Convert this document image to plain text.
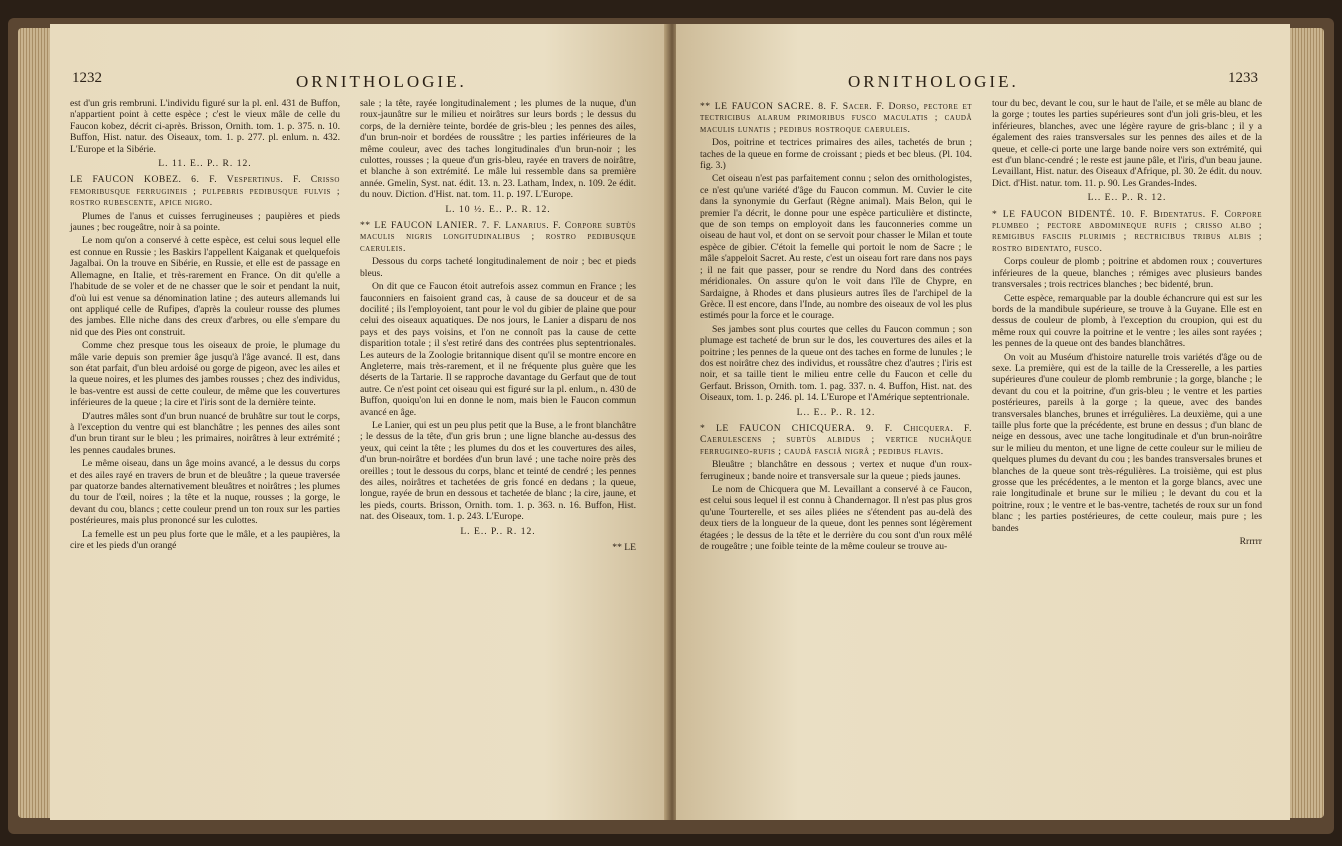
1232	ORNITHOLOGIE.

est d'un gris rembruni. L'individu figuré sur la pl. enl. 431 de Buffon, n'appartient point à cette espèce ; c'est le vieux mâle de celle du Faucon kobez, décrit ci-après. Brisson, Ornith. tom. 1. p. 375. n. 10. Buffon, Hist. natur. des Oiseaux, tom. 1. p. 277. pl. enlum. n. 432. L'Europe et la Sibérie.

L. 11. E.. P.. R. 12.

LE FAUCON KOBEZ. 6. F. Vespertinus. F. Crisso femoribusque ferrugineis ; pulpebris pedibusque fulvis ; rostro rubescente, apice nigro.

Plumes de l'anus et cuisses ferrugineuses ; paupières et pieds jaunes ; bec rougeâtre, noir à sa pointe.

Le nom qu'on a conservé à cette espèce, est celui sous lequel elle est connue en Russie ; les Baskirs l'appellent Kaiganak et quelquefois Jagalbai. On la trouve en Sibérie, en Russie, et elle est de passage en Allemagne, en Italie, et très-rarement en France. On dit qu'elle a l'habitude de se voler et de ne chasser que le soir et pendant la nuit, d'où lui est venue sa dénomination latine ; des auteurs allemands lui ont appliqué celle de Rufipes, d'après la couleur rousse des plumes des jambes. Elle niche dans des creux d'arbres, ou elle s'empare du nid que des Pies ont construit.

Comme chez presque tous les oiseaux de proie, le plumage du mâle varie depuis son premier âge jusqu'à l'âge avancé. Il est, dans son état parfait, d'un bleu ardoisé ou gorge de pigeon, avec les ailes et la queue noires, et les plumes des jambes rousses ; chez des individus, le bas-ventre est aussi de cette couleur, de même que les couvertures inférieures de la queue ; la cire et l'iris sont de la dernière teinte.

D'autres mâles sont d'un brun nuancé de bruhâtre sur tout le corps, à l'exception du ventre qui est blanchâtre ; les pennes des ailes sont d'un brun tirant sur le bleu ; les primaires, noirâtres à leur extrémité ; les pennes caudales brunes.

Le même oiseau, dans un âge moins avancé, a le dessus du corps et des ailes rayé en travers de brun et de bleuâtre ; la queue traversée par quatorze bandes alternativement bleuâtres et noirâtres ; les plumes du tour de l'œil, noires ; la tête et la nuque, rousses ; la gorge, le devant du cou, blancs ; cette couleur prend un ton roux sur les parties postérieures, mais plus prononcé sur les culottes.

La femelle est un peu plus forte que le mâle, et a les paupières, la cire et les pieds d'un orangé

sale ; la tête, rayée longitudinalement ; les plumes de la nuque, d'un roux-jaunâtre sur le milieu et noirâtres sur leurs bords ; le dessus du corps, de la dernière teinte, bordée de gris-bleu ; les pennes des ailes, d'un brun-noir et bordées de roussâtre ; les parties inférieures de la même couleur, avec des taches longitudinales d'un brun-noir ; les culottes, rousses ; la queue d'un gris-bleu, rayée en travers de noirâtre, et blanche à son extrémité. Le mâle lui ressemble dans sa première année. Gmelin, Syst. nat. édit. 13. n. 23. Latham, Index, n. 109. 2e édit. du nouv. Diction. d'Hist. nat. tom. 11. p. 197. L'Europe.

L. 10 ½. E.. P.. R. 12.

** LE FAUCON LANIER. 7. F. Lanarius. F. Corpore subtùs maculis nigris longitudinalibus ; rostro pedibusque caeruleis.

Dessous du corps tacheté longitudinalement de noir ; bec et pieds bleus.

On dit que ce Faucon étoit autrefois assez commun en France ; les fauconniers en faisoient grand cas, à cause de sa douceur et de sa docilité ; ils l'employoient, tant pour le vol du gibier de plaine que pour celui des oiseaux aquatiques. De nos jours, le Lanier a disparu de nos pays et des pays voisins, et l'on ne connoît pas la cause de cette disparition totale ; il s'est retiré dans des contrées plus septentrionales. Les auteurs de la Zoologie britannique disent qu'il se montre encore en Angleterre, mais très-rarement, et il ne fréquente plus guère que les déserts de la Tartarie. Il se rapproche davantage du Gerfaut que de tout autre. Ce n'est point cet oiseau qui est figuré sur la pl. enlum., n. 430 de Buffon, quoiqu'on lui en donne le nom, mais bien le Faucon commun avancé en âge.

Le Lanier, qui est un peu plus petit que la Buse, a le front blanchâtre ; le dessus de la tête, d'un gris brun ; une ligne blanche au-dessus des yeux, qui ceint la tête ; les plumes du dos et les couvertures des ailes, d'un brun-noirâtre et bordées d'un brun lavé ; une tache noire près des oreilles ; tout le dessous du corps, blanc et teinté de cendré ; les pennes des ailes, noirâtres et tachetées de gris foncé en dedans ; la queue, longue, rayée de brun en dessous et tachetée de blanc ; la cire, jaune, et les pieds, courts. Brisson, Ornith. tom. 1. p. 363. n. 16. Buffon, Hist. nat. des Oiseaux, tom. 1. p. 243. L'Europe.

L. E.. P.. R. 12.

** LE

ORNITHOLOGIE.	1233

** LE FAUCON SACRE. 8. F. Sacer. F. Dorso, pectore et tectricibus alarum primoribus fusco maculatis ; caudâ maculis lunatis ; pedibus rostroque caeruleis.

Dos, poitrine et tectrices primaires des ailes, tachetés de brun ; taches de la queue en forme de croissant ; pieds et bec bleus. (Pl. 104. fig. 3.)

Cet oiseau n'est pas parfaitement connu ; selon des ornithologistes, ce n'est qu'une variété d'âge du Faucon commun. M. Cuvier le cite dans la synonymie du Gerfaut (Règne animal). Mais Belon, qui le premier l'a décrit, le donne pour une espèce particulière et distincte, que de son temps on employoit dans les fauconneries comme un oiseau de haut vol, et dont on se servoit pour chasser le Milan et toute espèce de gibier. C'étoit la femelle qui portoit le nom de Sacre ; le mâle s'appeloit Sacret. Au reste, c'est un oiseau fort rare dans nos pays ; il ne fait que passer, pour se rendre du Nord dans des contrées méridionales. On assure qu'on le voit dans l'île de Chypre, en Sardaigne, à Rhodes et dans plusieurs autres îles de l'archipel de la Grèce. Il est encore, dans l'Inde, au nombre des oiseaux de vol les plus estimés pour la force et le courage.

Ses jambes sont plus courtes que celles du Faucon commun ; son plumage est tacheté de brun sur le dos, les couvertures des ailes et la poitrine ; les pennes de la queue ont des taches en forme de lunules ; le dos est noirâtre chez des individus, et roussâtre chez d'autres ; l'iris est noir, et sa taille tient le milieu entre celle du Faucon et celle du Gerfaut. Brisson, Ornith. tom. 1. pag. 337. n. 4. Buffon, Hist. nat. des Oiseaux, tom. 1. p. 246. pl. 14. L'Europe et l'Amérique septentrionale.

L.. E.. P.. R. 12.

* LE FAUCON CHICQUERA. 9. F. Chicquera. F. Caerulescens ; subtùs albidus ; vertice nuchâque ferrugineo-rufis ; caudâ fasciâ nigrâ ; pedibus flavis.

Bleuâtre ; blanchâtre en dessous ; vertex et nuque d'un roux-ferrugineux ; bande noire et transversale sur la queue ; pieds jaunes.

Le nom de Chicquera que M. Levaillant a conservé à ce Faucon, est celui sous lequel il est connu à Chandernagor. Il n'est pas plus gros qu'une Tourterelle, et ses ailes pliées ne s'étendent pas au-delà des deux tiers de la longueur de la queue, dont les pennes sont légèrement étagées ; le dessus de la tête et le derrière du cou sont d'un roux mêlé de rougeâtre ; une foible teinte de la même couleur se trouve au-

tour du bec, devant le cou, sur le haut de l'aile, et se mêle au blanc de la gorge ; toutes les parties supérieures sont d'un joli gris-bleu, et les inférieures, blanches, avec une légère rayure de gris-blanc ; il y a également des raies transversales sur les pennes des ailes et de la queue, et celle-ci porte une large bande noire vers son extrémité, qui est d'un blanc-cendré ; le reste est jaune pâle, et l'iris, d'un beau jaune. Levaillant, Hist. natur. des Oiseaux d'Afrique, pl. 30. 2e édit. du nouv. Dict. d'Hist. natur. tom. 11. p. 90. Les Grandes-Indes.

L.. E.. P.. R. 12.

* LE FAUCON BIDENTÉ. 10. F. Bidentatus. F. Corpore plumbeo ; pectore abdomineque rufis ; crisso albo ; remigibus fasciis plurimis ; rectricibus tribus albis ; rostro bidentato, fusco.

Corps couleur de plomb ; poitrine et abdomen roux ; couvertures inférieures de la queue, blanches ; rémiges avec plusieurs bandes transversales ; trois rectrices blanches ; bec bidenté, brun.

Cette espèce, remarquable par la double échancrure qui est sur les bords de la mandibule supérieure, se trouve à la Guyane. Elle est en dessus de couleur de plomb, à l'exception du croupion, qui est du même roux qui couvre la poitrine et le ventre ; les ailes sont rayées ; les pennes de la queue ont des bandes blanchâtres.

On voit au Muséum d'histoire naturelle trois variétés d'âge ou de sexe. La première, qui est de la taille de la Cresserelle, a les parties supérieures d'une couleur de plomb rembrunie ; la gorge, blanche ; le devant du cou et la poitrine, d'un gris-bleu ; le ventre et les parties postérieures, pareils à la gorge ; la queue, avec des bandes transversales blanches, brunes et irrégulières. La deuxième, qui a une taille plus forte que la précédente, est brune en dessus ; d'un blanc de neige en dessous, avec une tache longitudinale et d'un brun-noirâtre sur le milieu du menton, et une ligne de cette couleur sur le milieu de quelques plumes du devant du cou ; les bandes transversales brunes et blanches de la queue sont très-régulières. La troisième, qui est plus grosse que les précédentes, a le menton et la gorge blancs, avec une raie longitudinale et brune sur le milieu ; le devant du cou et la poitrine, roux ; le ventre et le bas-ventre, tachetés de roux sur un fond blanc ; les parties postérieures, de cette couleur, mais pure ; les bandes

Rrrrrr
